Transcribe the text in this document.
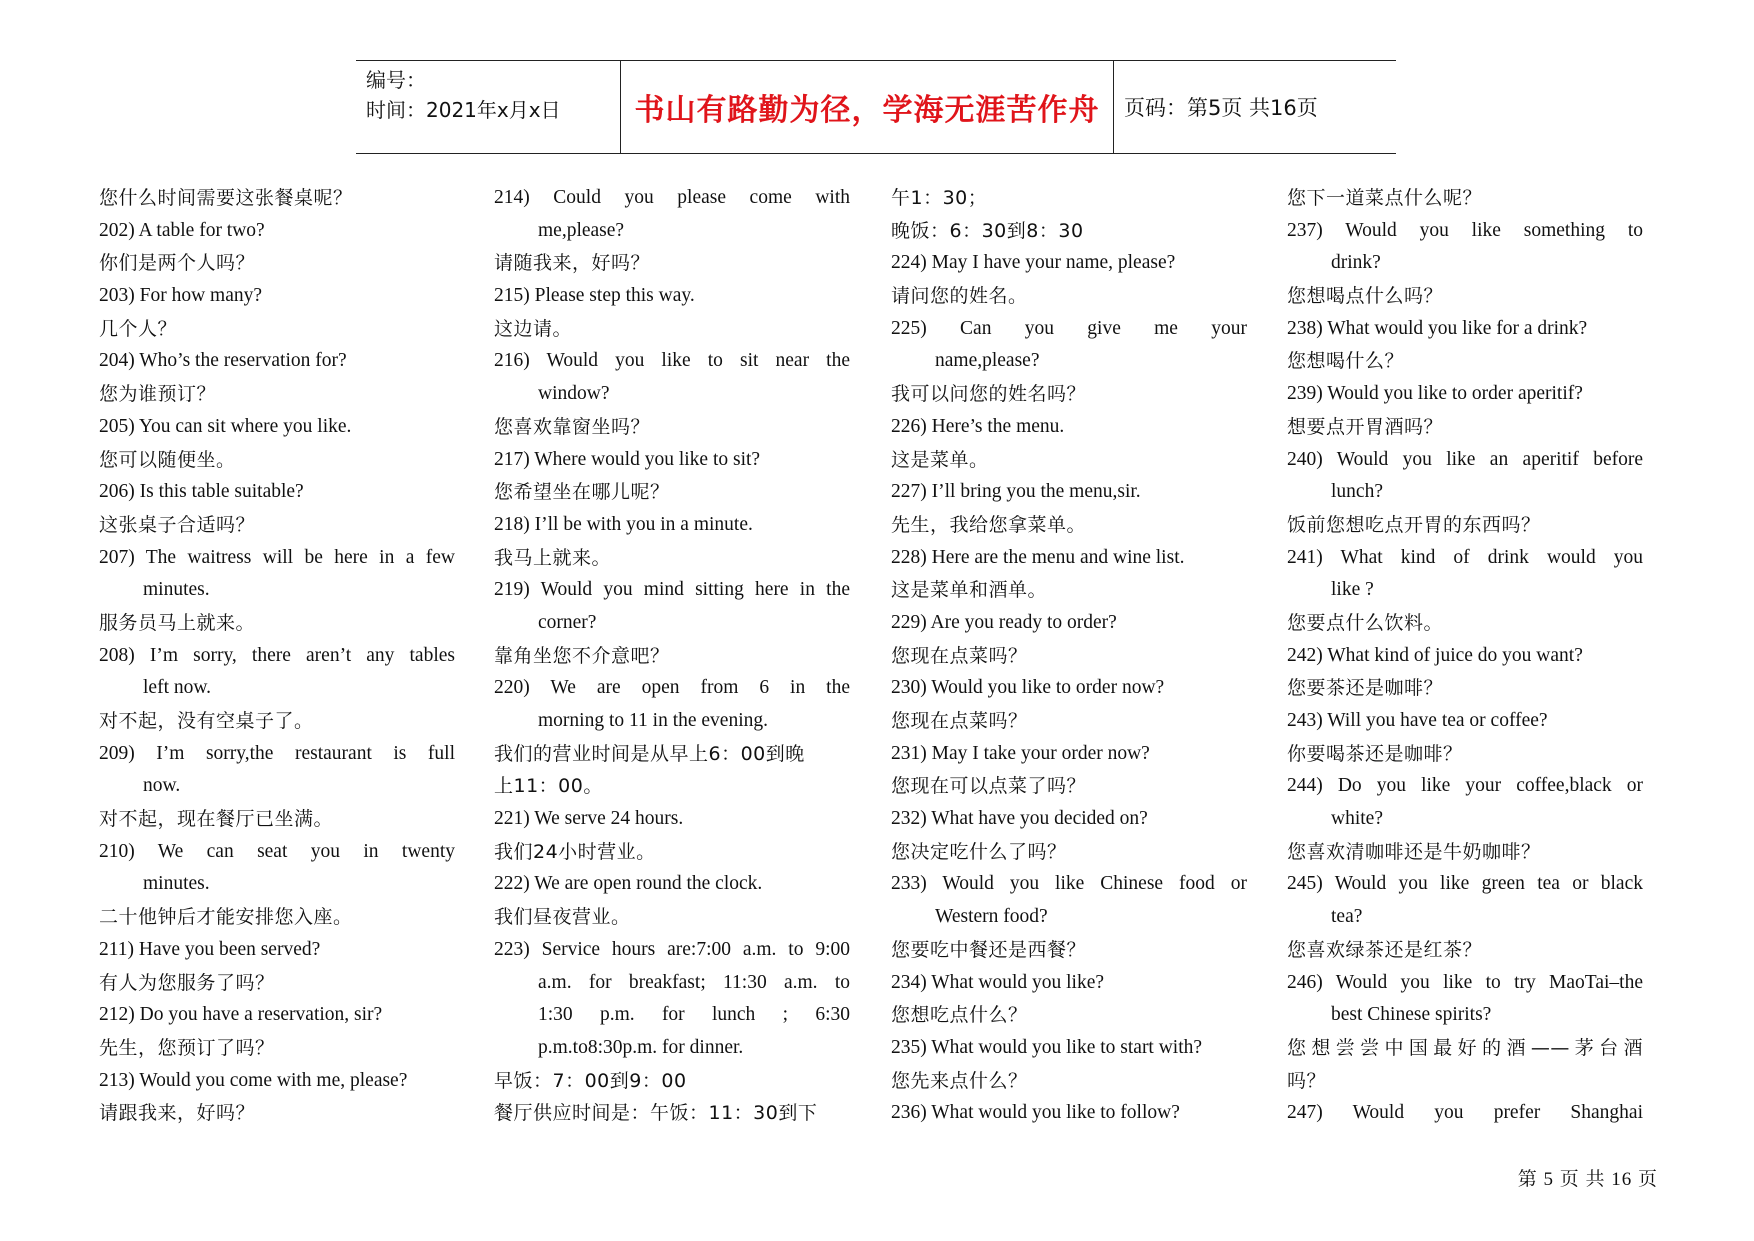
编号：
时间：2021年x月x日	书山有路勤为径，学海无涯苦作舟 页码：第5页 共16页
您什么时间需要这张餐桌呢？
202) A table for two?
你们是两个人吗？
203) For how many?
几个人？
204) Who’s the reservation for?
您为谁预订？
205) You can sit where you like.
您可以随便坐。
206) Is this table suitable?
这张桌子合适吗？
207) The waitress will be here in a few
minutes.
服务员马上就来。
208) I’m sorry, there aren’t any tables
left now.
对不起，没有空桌子了。
209) I’m sorry,the restaurant is full
now.
对不起，现在餐厅已坐满。
210) We can seat you in twenty
minutes.
二十他钟后才能安排您入座。
211) Have you been served?
有人为您服务了吗？
212) Do you have a reservation, sir?
先生，您预订了吗？
213) Would you come with me, please?
请跟我来，好吗？
214) Could you please come with
me,please?
请随我来，好吗？
215) Please step this way.
这边请。
216) Would you like to sit near the
window?
您喜欢靠窗坐吗？
217) Where would you like to sit?
您希望坐在哪儿呢？
218) I’ll be with you in a minute.
我马上就来。
219) Would you mind sitting here in the
corner?
靠角坐您不介意吧？
220) We are open from 6 in the
morning to 11 in the evening.
我们的营业时间是从早上6：00到晚
上11：00。
221) We serve 24 hours.
我们24小时营业。
222) We are open round the clock.
我们昼夜营业。
223) Service hours are:7:00 a.m. to 9:00
a.m. for breakfast; 11:30 a.m. to
1:30 p.m. for lunch ; 6:30
p.m.to8:30p.m. for dinner.
早饭：7：00到9：00
餐厅供应时间是：午饭：11：30到下
午1：30；
晚饭：6：30到8：30
224) May I have your name, please?
请问您的姓名。
225) Can you give me your
name,please?
我可以问您的姓名吗？
226) Here’s the menu.
这是菜单。
227) I’ll bring you the menu,sir.
先生，我给您拿菜单。
228) Here are the menu and wine list.
这是菜单和酒单。
229) Are you ready to order?
您现在点菜吗？
230) Would you like to order now?
您现在点菜吗？
231) May I take your order now?
您现在可以点菜了吗？
232) What have you decided on?
您决定吃什么了吗？
233) Would you like Chinese food or
Western food?
您要吃中餐还是西餐？
234) What would you like?
您想吃点什么？
235) What would you like to start with?
您先来点什么？
236) What would you like to follow?
您下一道菜点什么呢？
237) Would you like something to
drink?
您想喝点什么吗？
238) What would you like for a drink?
您想喝什么？
239) Would you like to order aperitif?
想要点开胃酒吗？
240) Would you like an aperitif before
lunch?
饭前您想吃点开胃的东西吗？
241) What kind of drink would you
like ?
您要点什么饮料。
242) What kind of juice do you want?
您要茶还是咖啡？
243) Will you have tea or coffee?
你要喝茶还是咖啡？
244) Do you like your coffee,black or
white?
您喜欢清咖啡还是牛奶咖啡？
245) Would you like green tea or black
tea?
您喜欢绿茶还是红茶？
246) Would you like to try MaoTai–the
best Chinese spirits?
您想尝尝中国最好的酒——茅台酒
吗？
247) Would you prefer Shanghai
第 5 页 共 16 页
